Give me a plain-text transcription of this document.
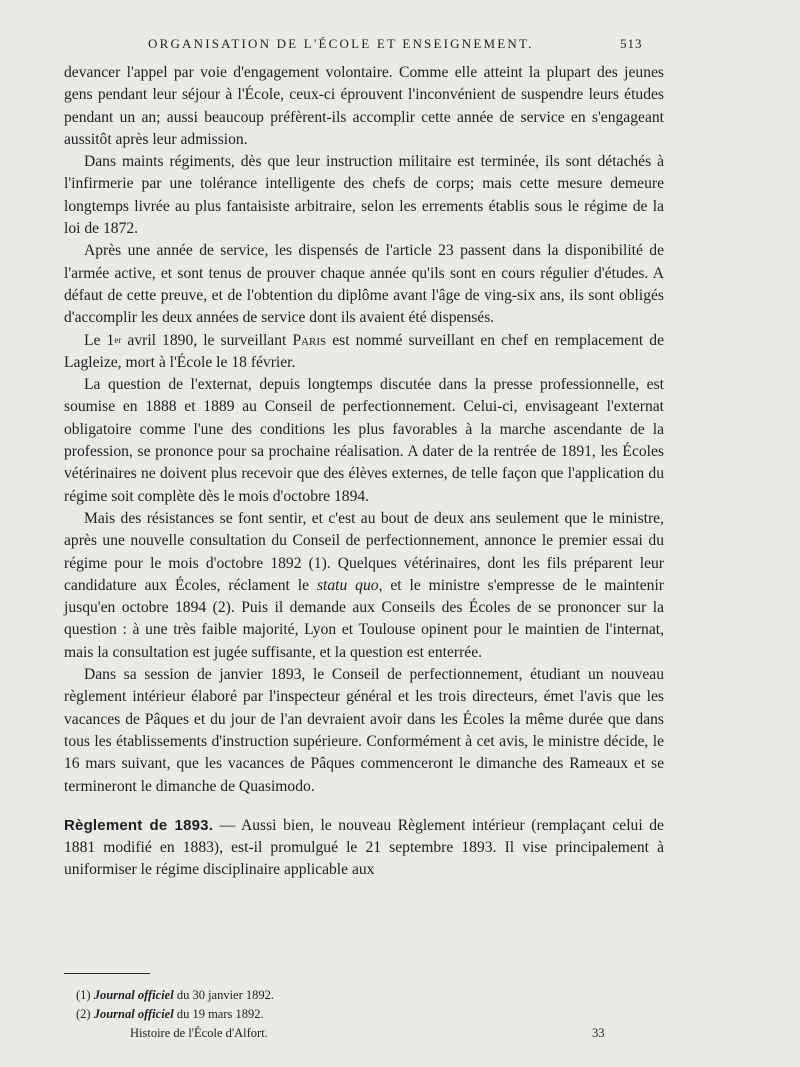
ORGANISATION DE L'ÉCOLE ET ENSEIGNEMENT.	513

devancer l'appel par voie d'engagement volontaire. Comme elle atteint la plupart des jeunes gens pendant leur séjour à l'École, ceux-ci éprouvent l'inconvénient de suspendre leurs études pendant un an; aussi beaucoup préfèrent-ils accomplir cette année de service en s'engageant aussitôt après leur admission.

Dans maints régiments, dès que leur instruction militaire est terminée, ils sont détachés à l'infirmerie par une tolérance intelligente des chefs de corps; mais cette mesure demeure longtemps livrée au plus fantaisiste arbitraire, selon les errements établis sous le régime de la loi de 1872.

Après une année de service, les dispensés de l'article 23 passent dans la disponibilité de l'armée active, et sont tenus de prouver chaque année qu'ils sont en cours régulier d'études. A défaut de cette preuve, et de l'obtention du diplôme avant l'âge de ving-six ans, ils sont obligés d'accomplir les deux années de service dont ils avaient été dispensés.

Le 1er avril 1890, le surveillant Paris est nommé surveillant en chef en remplacement de Lagleize, mort à l'École le 18 février.

La question de l'externat, depuis longtemps discutée dans la presse professionnelle, est soumise en 1888 et 1889 au Conseil de perfectionnement. Celui-ci, envisageant l'externat obligatoire comme l'une des conditions les plus favorables à la marche ascendante de la profession, se prononce pour sa prochaine réalisation. A dater de la rentrée de 1891, les Écoles vétérinaires ne doivent plus recevoir que des élèves externes, de telle façon que l'application du régime soit complète dès le mois d'octobre 1894.

Mais des résistances se font sentir, et c'est au bout de deux ans seulement que le ministre, après une nouvelle consultation du Conseil de perfectionnement, annonce le premier essai du régime pour le mois d'octobre 1892 (1). Quelques vétérinaires, dont les fils préparent leur candidature aux Écoles, réclament le statu quo, et le ministre s'empresse de le maintenir jusqu'en octobre 1894 (2). Puis il demande aux Conseils des Écoles de se prononcer sur la question : à une très faible majorité, Lyon et Toulouse opinent pour le maintien de l'internat, mais la consultation est jugée suffisante, et la question est enterrée.

Dans sa session de janvier 1893, le Conseil de perfectionnement, étudiant un nouveau règlement intérieur élaboré par l'inspecteur général et les trois directeurs, émet l'avis que les vacances de Pâques et du jour de l'an devraient avoir dans les Écoles la même durée que dans tous les établissements d'instruction supérieure. Conformément à cet avis, le ministre décide, le 16 mars suivant, que les vacances de Pâques commenceront le dimanche des Rameaux et se termineront le dimanche de Quasimodo.

Règlement de 1893. — Aussi bien, le nouveau Règlement intérieur (remplaçant celui de 1881 modifié en 1883), est-il promulgué le 21 septembre 1893. Il vise principalement à uniformiser le régime disciplinaire applicable aux

(1) Journal officiel du 30 janvier 1892.
(2) Journal officiel du 19 mars 1892.
Histoire de l'École d'Alfort.	33
